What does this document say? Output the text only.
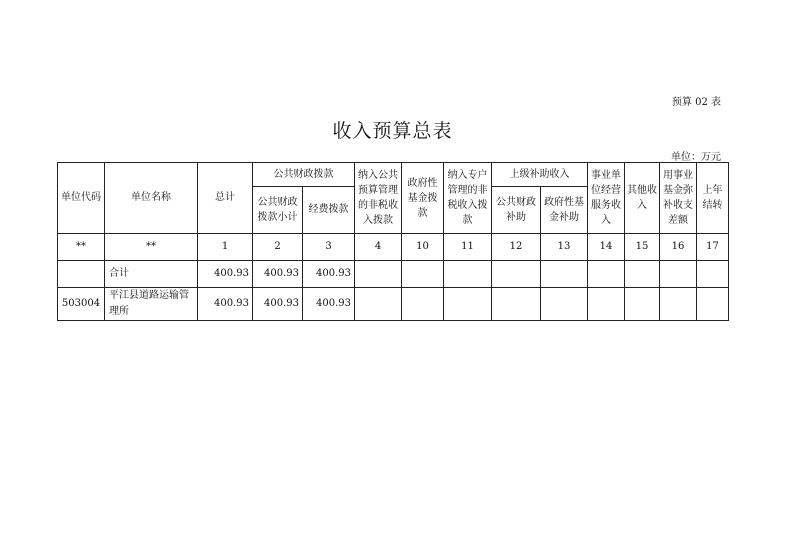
预算 02 表
收入预算总表
单位：万元
单位代码	单位名称	总计	公共财政拨款		纳入公共预算管理的非税收入拨款	政府性基金拨款	纳入专户管理的非税收入拨款	上级补助收入		事业单位经营服务收入	其他收入	用事业基金弥补收支差额	上年结转
			公共财政拨款小计	经费拨款									
								公共财政补助	政府性基金补助				
**	**	1	2	3	4	10	11	12	13	14	15	16	17
	合计	400.93	400.93	400.93									
503004	平江县道路运输管理所	400.93	400.93	400.93									
